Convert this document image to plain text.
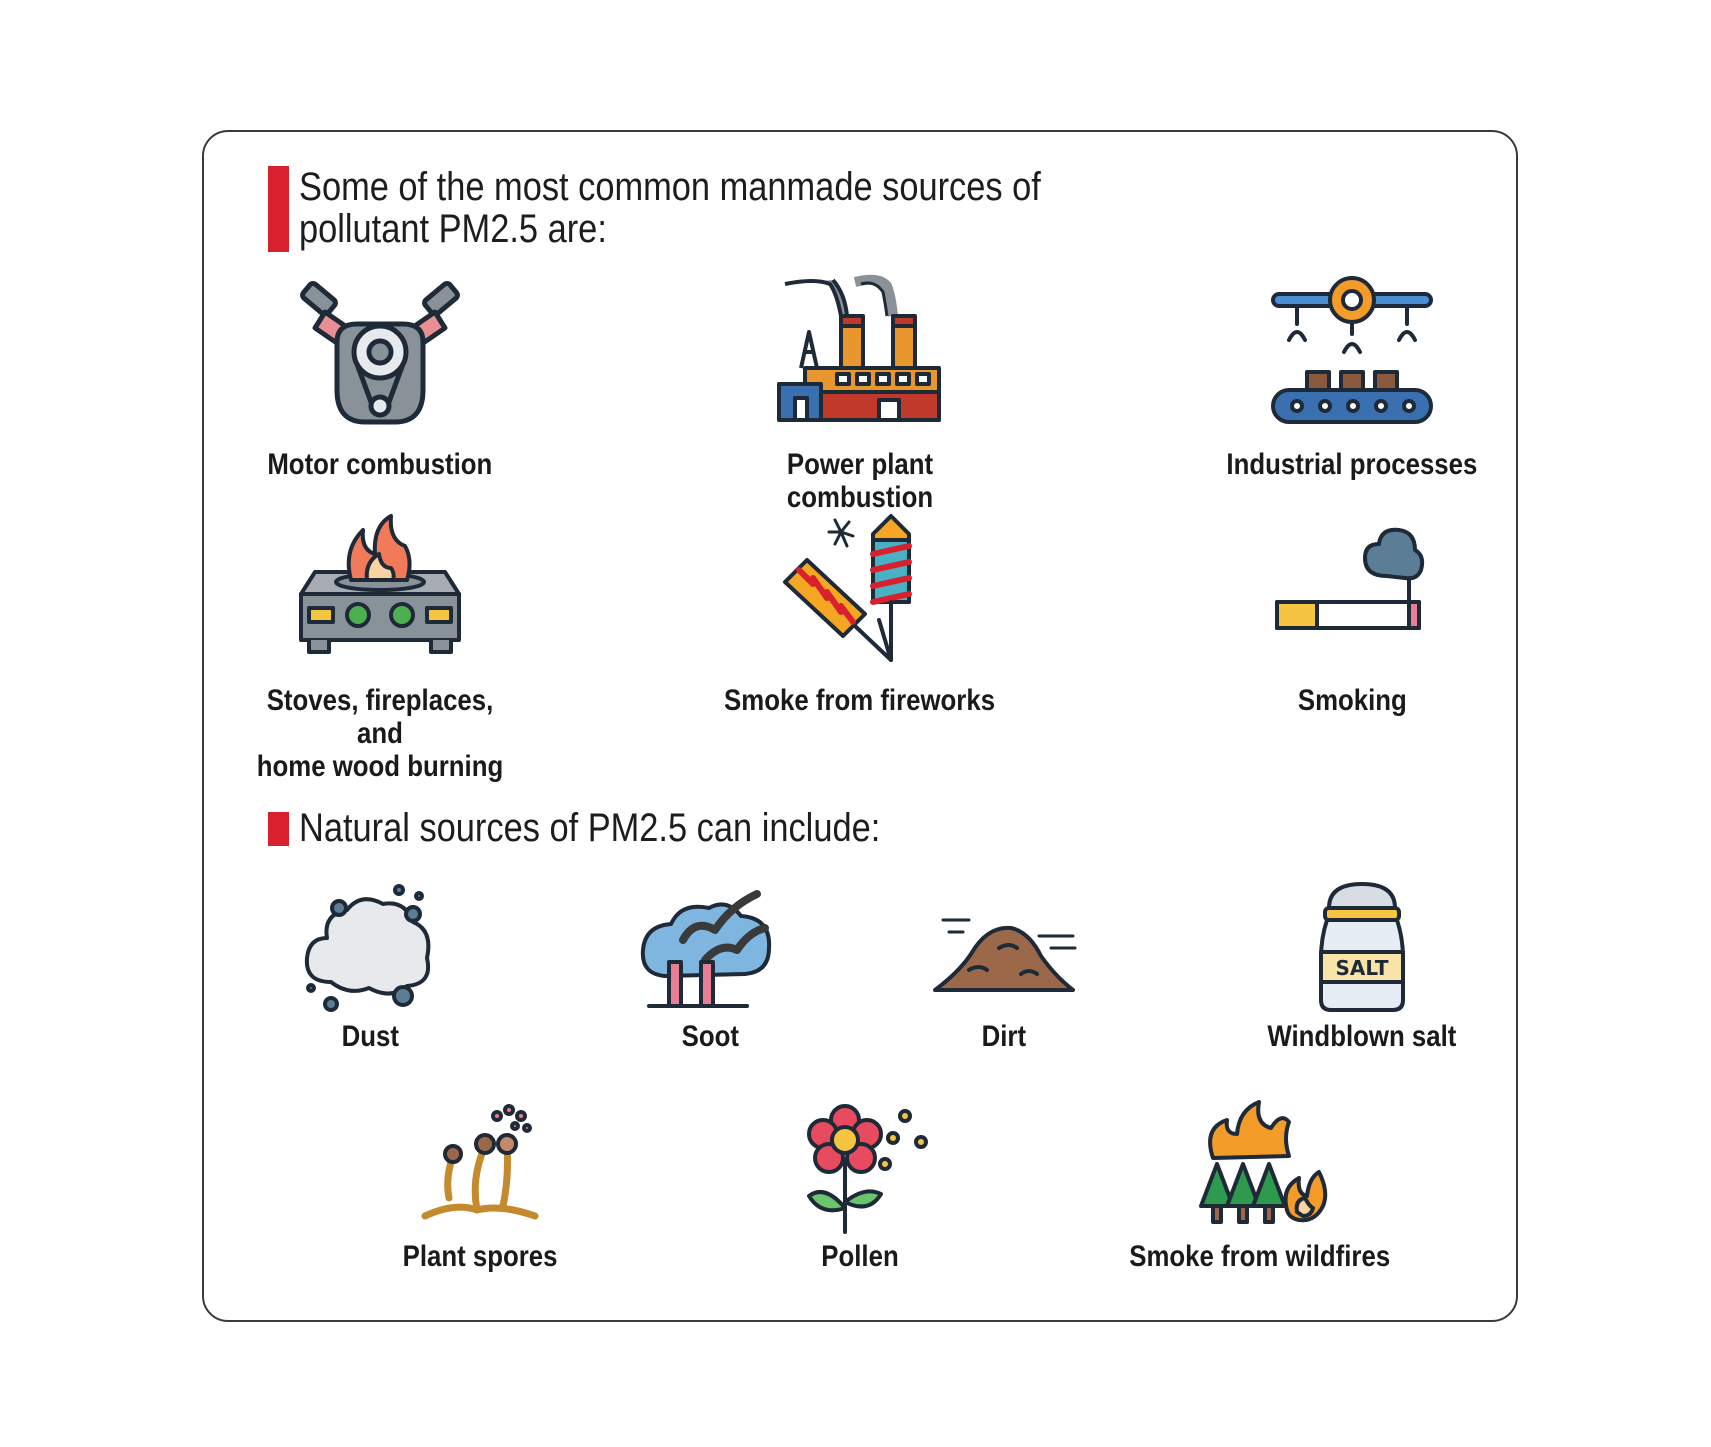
Some of the most common manmade sources of
pollutant PM2.5 are:
Motor combustion	Power plant combustion
Industrial processes
Stoves, fireplaces, and
home wood burning
Smoke from fireworks	Smoking
Natural sources of PM2.5 can include:
Dust	Soot	Dirt
SALT
Windblown salt
Plant spores	Pollen	Smoke from wildfires
